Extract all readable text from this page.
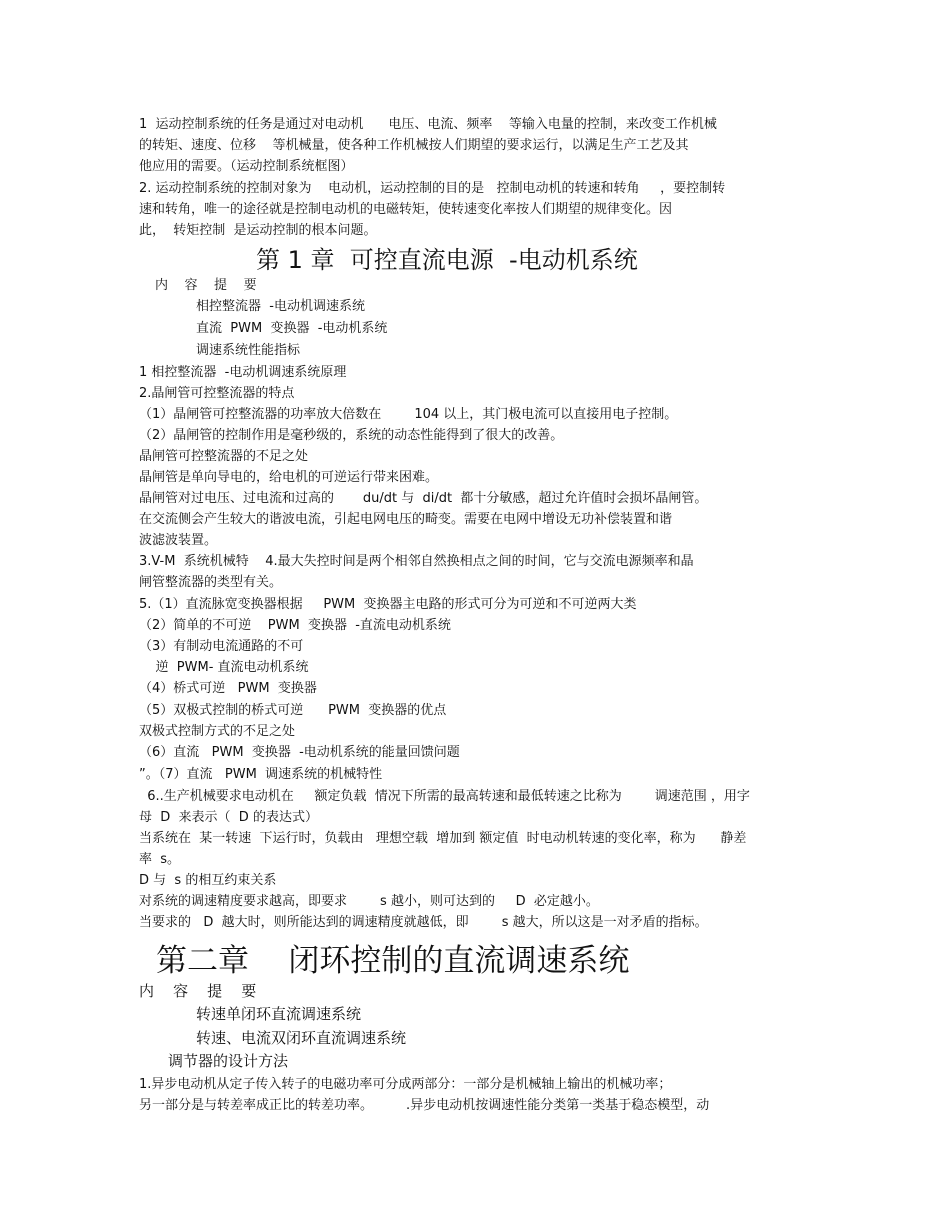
1  运动控制系统的任务是通过对电动机      电压、电流、频率    等输入电量的控制，来改变工作机械

的转矩、速度、位移    等机械量，使各种工作机械按人们期望的要求运行，以满足生产工艺及其

他应用的需要。（运动控制系统框图）

2. 运动控制系统的控制对象为    电动机，运动控制的目的是   控制电动机的转速和转角     ，要控制转

速和转角，唯一的途径就是控制电动机的电磁转矩，使转速变化率按人们期望的规律变化。因

此，  转矩控制  是运动控制的根本问题。

第 1 章  可控直流电源  -电动机系统

内    容    提    要

相控整流器  -电动机调速系统

直流  PWM  变换器  -电动机系统

调速系统性能指标

1 相控整流器  -电动机调速系统原理

2.晶闸管可控整流器的特点

（1）晶闸管可控整流器的功率放大倍数在        104 以上，其门极电流可以直接用电子控制。

（2）晶闸管的控制作用是毫秒级的，系统的动态性能得到了很大的改善。

晶闸管可控整流器的不足之处

晶闸管是单向导电的，给电机的可逆运行带来困难。

晶闸管对过电压、过电流和过高的       du/dt 与  di/dt  都十分敏感，超过允许值时会损坏晶闸管。

在交流侧会产生较大的谐波电流，引起电网电压的畸变。需要在电网中增设无功补偿装置和谐

波滤波装置。

3.V-M  系统机械特    4.最大失控时间是两个相邻自然换相点之间的时间，它与交流电源频率和晶

闸管整流器的类型有关。

5.（1）直流脉宽变换器根据     PWM  变换器主电路的形式可分为可逆和不可逆两大类

（2）简单的不可逆    PWM  变换器  -直流电动机系统

（3）有制动电流通路的不可

逆  PWM- 直流电动机系统

（4）桥式可逆   PWM  变换器

（5）双极式控制的桥式可逆      PWM  变换器的优点

双极式控制方式的不足之处

（6）直流   PWM  变换器  -电动机系统的能量回馈问题

”。（7）直流   PWM  调速系统的机械特性

6..生产机械要求电动机在     额定负载  情况下所需的最高转速和最低转速之比称为        调速范围 ，用字

母  D  来表示（  D 的表达式）

当系统在  某一转速  下运行时，负载由   理想空载  增加到 额定值  时电动机转速的变化率，称为      静差

率  s。

D 与  s 的相互约束关系

对系统的调速精度要求越高，即要求        s 越小，则可达到的     D  必定越小。

当要求的   D  越大时，则所能达到的调速精度就越低，即        s 越大，所以这是一对矛盾的指标。

第二章    闭环控制的直流调速系统

内    容    提    要

转速单闭环直流调速系统

转速、电流双闭环直流调速系统

调节器的设计方法

1.异步电动机从定子传入转子的电磁功率可分成两部分：一部分是机械轴上输出的机械功率；

另一部分是与转差率成正比的转差功率。        .异步电动机按调速性能分类第一类基于稳态模型，动
